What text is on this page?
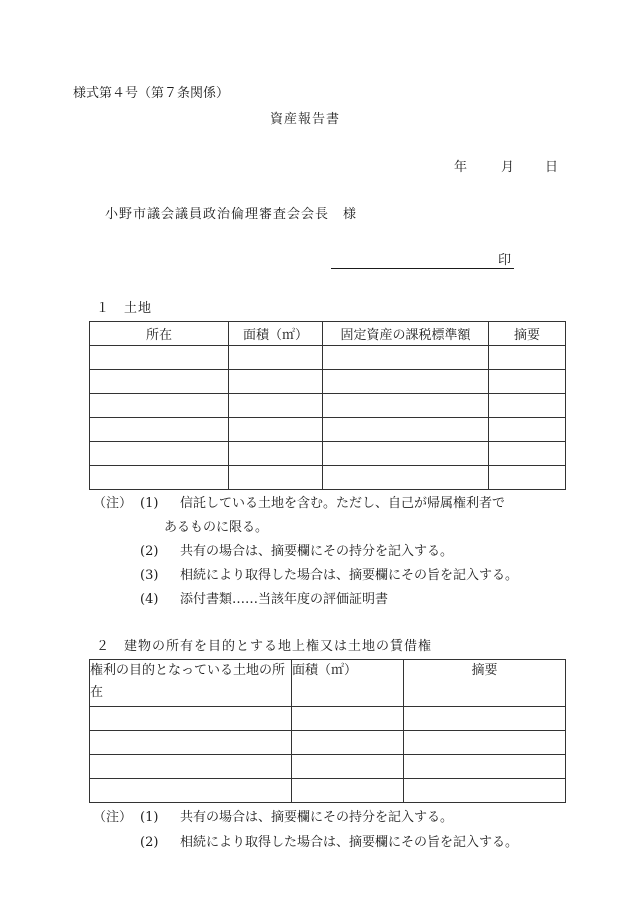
様式第４号（第７条関係）
資産報告書
年	月 日
小野市議会議員政治倫理審査会会長　様
印
１　土地
所在	面積（㎡）	固定資産の課税標準額	摘要

（注） (1) 信託している土地を含む。ただし、自己が帰属権利者で
あるものに限る。
(2) 共有の場合は、摘要欄にその持分を記入する。
(3) 相続により取得した場合は、摘要欄にその旨を記入する。
(4) 添付書類……当該年度の評価証明書
２　建物の所有を目的とする地上権又は土地の賃借権
権利の目的となっている土地の所在	面積（㎡）	摘要

（注） (1) 共有の場合は、摘要欄にその持分を記入する。
(2) 相続により取得した場合は、摘要欄にその旨を記入する。
